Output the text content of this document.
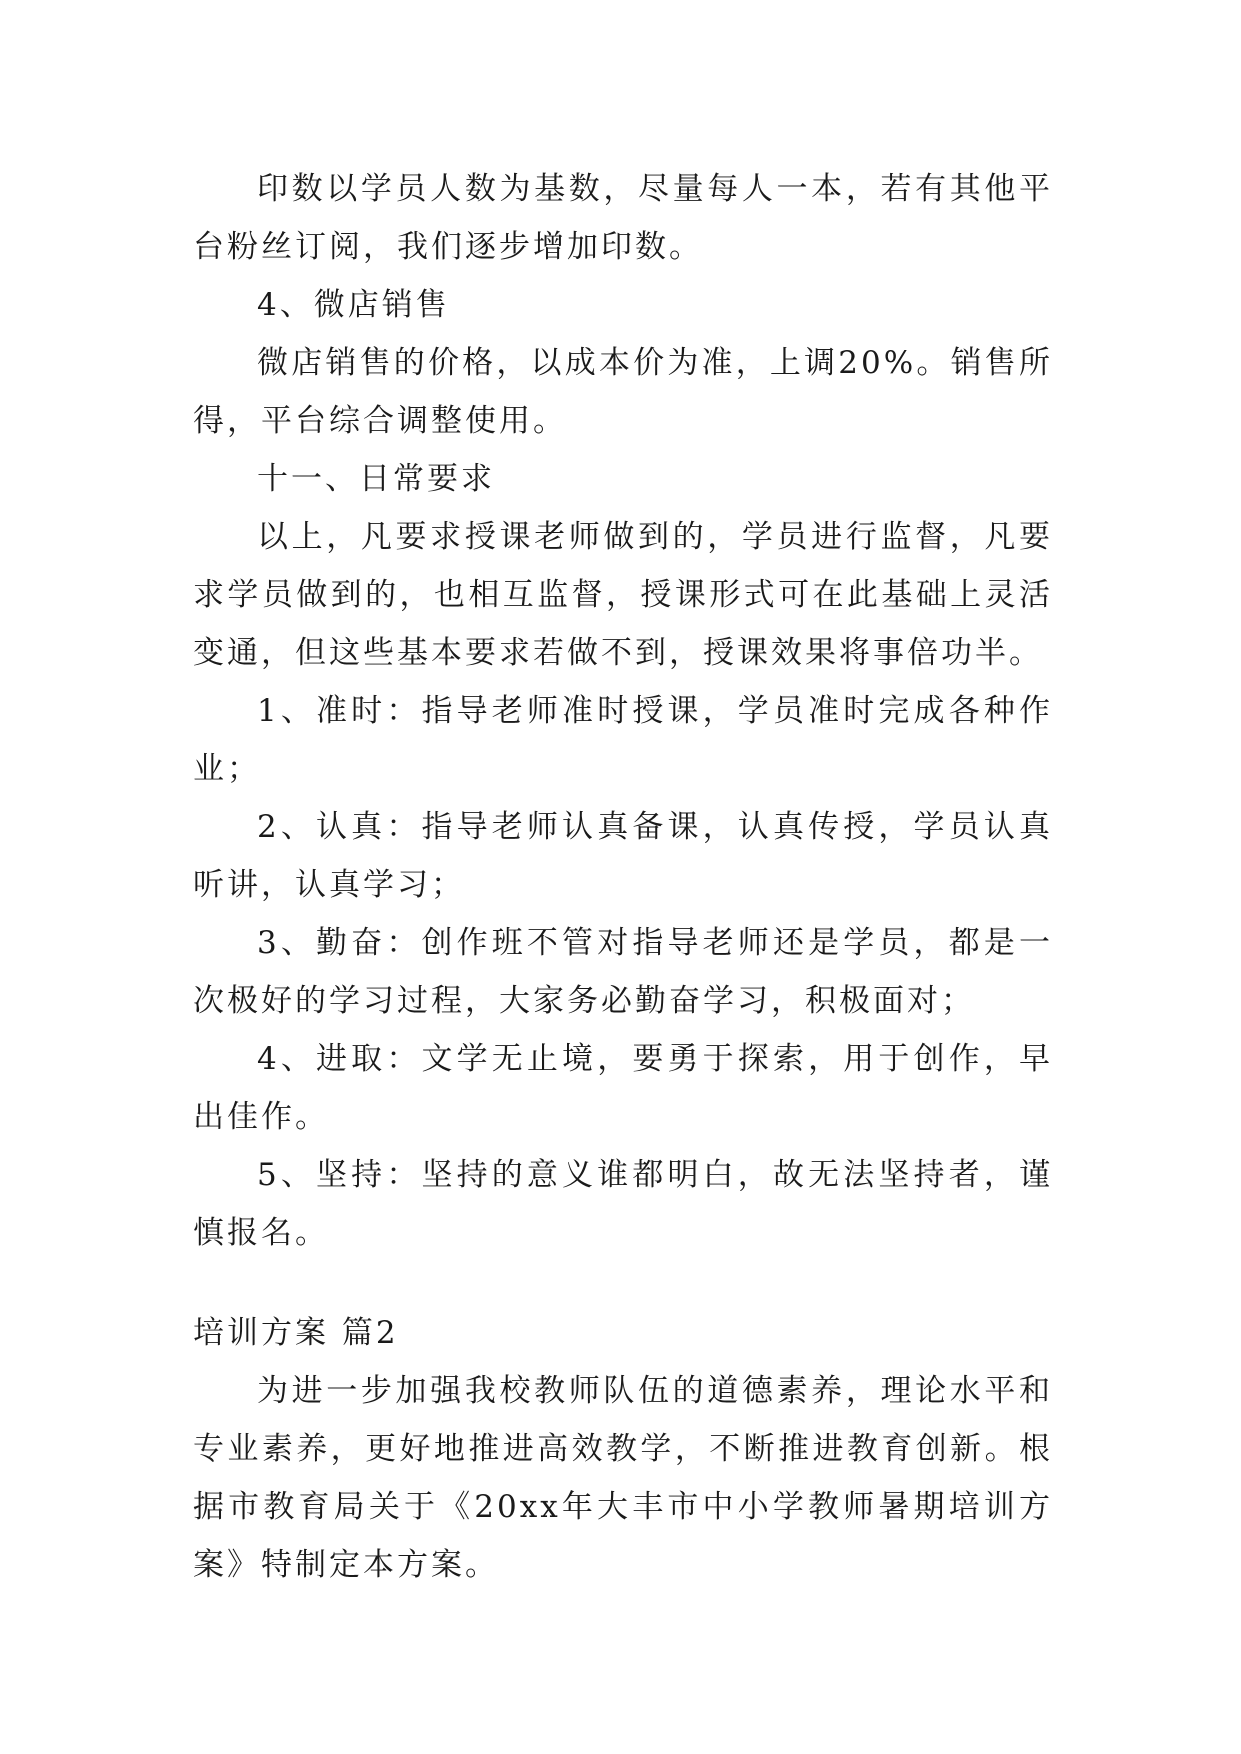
印数以学员人数为基数，尽量每人一本，若有其他平台粉丝订阅，我们逐步增加印数。

4、微店销售

微店销售的价格，以成本价为准，上调20%。销售所得，平台综合调整使用。

十一、日常要求

以上，凡要求授课老师做到的，学员进行监督，凡要求学员做到的，也相互监督，授课形式可在此基础上灵活变通，但这些基本要求若做不到，授课效果将事倍功半。

1、准时：指导老师准时授课，学员准时完成各种作业；

2、认真：指导老师认真备课，认真传授，学员认真听讲，认真学习；

3、勤奋：创作班不管对指导老师还是学员，都是一次极好的学习过程，大家务必勤奋学习，积极面对；

4、进取：文学无止境，要勇于探索，用于创作，早出佳作。

5、坚持：坚持的意义谁都明白，故无法坚持者，谨慎报名。

培训方案 篇2

为进一步加强我校教师队伍的道德素养，理论水平和专业素养，更好地推进高效教学，不断推进教育创新。根据市教育局关于《20xx年大丰市中小学教师暑期培训方案》特制定本方案。
